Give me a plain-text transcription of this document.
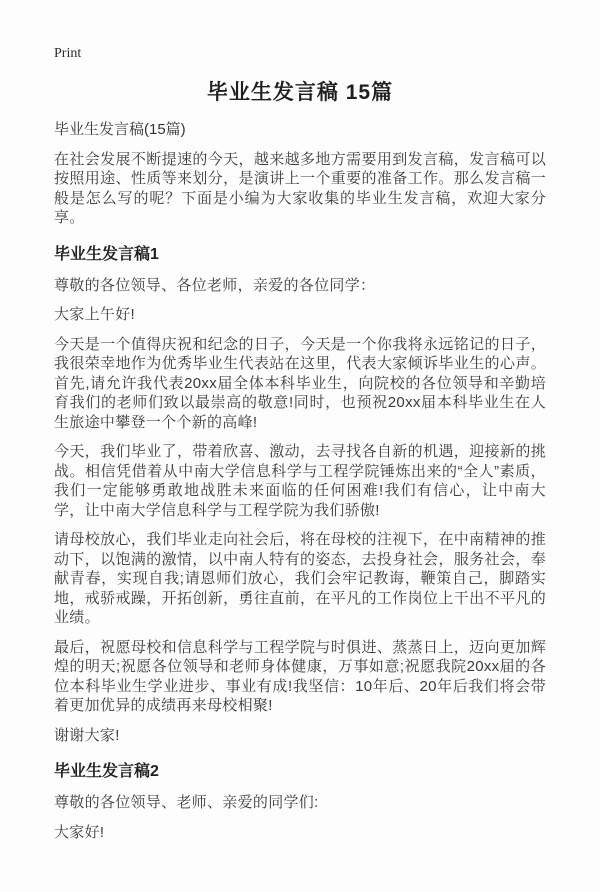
Print
毕业生发言稿 15篇

毕业生发言稿(15篇)

在社会发展不断提速的今天，越来越多地方需要用到发言稿，发言稿可以按照用途、性质等来划分，是演讲上一个重要的准备工作。那么发言稿一般是怎么写的呢？下面是小编为大家收集的毕业生发言稿，欢迎大家分享。

毕业生发言稿1

尊敬的各位领导、各位老师，亲爱的各位同学：

大家上午好!

今天是一个值得庆祝和纪念的日子，今天是一个你我将永远铭记的日子，我很荣幸地作为优秀毕业生代表站在这里，代表大家倾诉毕业生的心声。首先,请允许我代表20xx届全体本科毕业生，向院校的各位领导和辛勤培育我们的老师们致以最崇高的敬意!同时，也预祝20xx届本科毕业生在人生旅途中攀登一个个新的高峰!

今天，我们毕业了，带着欣喜、激动，去寻找各自新的机遇，迎接新的挑战。相信凭借着从中南大学信息科学与工程学院锤炼出来的“全人”素质，我们一定能够勇敢地战胜未来面临的任何困难!我们有信心，让中南大学，让中南大学信息科学与工程学院为我们骄傲!

请母校放心，我们毕业走向社会后，将在母校的注视下，在中南精神的推动下，以饱满的激情，以中南人特有的姿态，去投身社会，服务社会，奉献青春，实现自我;请恩师们放心，我们会牢记教诲，鞭策自己，脚踏实地，戒骄戒躁，开拓创新，勇往直前，在平凡的工作岗位上干出不平凡的业绩。

最后，祝愿母校和信息科学与工程学院与时俱进、蒸蒸日上，迈向更加辉煌的明天;祝愿各位领导和老师身体健康，万事如意;祝愿我院20xx届的各位本科毕业生学业进步、事业有成!我坚信：10年后、20年后我们将会带着更加优异的成绩再来母校相聚!

谢谢大家!

毕业生发言稿2

尊敬的各位领导、老师、亲爱的同学们:

大家好!
